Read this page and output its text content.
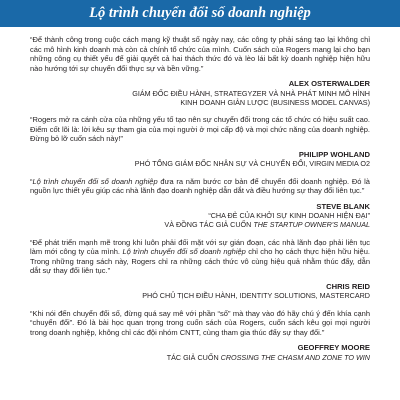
Lộ trình chuyển đổi số doanh nghiệp

“Để thành công trong cuộc cách mạng kỹ thuật số ngày nay, các công ty phải sáng tạo lại không chỉ các mô hình kinh doanh mà còn cả chính tổ chức của mình. Cuốn sách của Rogers mang lại cho bạn những công cụ thiết yếu để giải quyết cả hai thách thức đó và lèo lái bất kỳ doanh nghiệp hiện hữu nào hướng tới sự chuyển đổi thực sự và bền vững.”

ALEX OSTERWALDER

GIÁM ĐỐC ĐIỀU HÀNH, STRATEGYZER VÀ NHÀ PHÁT MINH MÔ HÌNH

KINH DOANH GIẢN LƯỢC (BUSINESS MODEL CANVAS)

“Rogers mở ra cánh cửa của những yếu tố tạo nên sự chuyển đổi trong các tổ chức có hiệu suất cao. Điểm cốt lõi là: lời kêu sự tham gia của mọi người ở mọi cấp độ và mọi chức năng của doanh nghiệp. Đừng bỏ lỡ cuốn sách này!”

PHILIPP WOHLAND

PHÓ TỔNG GIÁM ĐỐC NHÂN SỰ VÀ CHUYỂN ĐỔI, VIRGIN MEDIA O2

“Lộ trình chuyển đổi số doanh nghiệp đưa ra năm bước cơ bản để chuyển đổi doanh nghiệp. Đó là nguồn lực thiết yếu giúp các nhà lãnh đạo doanh nghiệp dẫn dắt và điều hướng sự thay đổi liên tục.”

STEVE BLANK

“CHA ĐẺ CỦA KHỞI SỰ KINH DOANH HIỆN ĐẠI”

VÀ ĐỒNG TÁC GIẢ CUỐN THE STARTUP OWNER'S MANUAL

“Để phát triển mạnh mẽ trong khi luôn phải đối mặt với sự gián đoạn, các nhà lãnh đạo phải liên tục làm mới công ty của mình. Lộ trình chuyển đổi số doanh nghiệp chỉ cho họ cách thực hiện hữu hiệu. Trong những trang sách này, Rogers chỉ ra những cách thức vô cùng hiệu quả nhằm thúc đẩy, dẫn dắt sự thay đổi liên tục.”

CHRIS REID

PHÓ CHỦ TỊCH ĐIỀU HÀNH, IDENTITY SOLUTIONS, MASTERCARD

“Khi nói đến chuyển đổi số, đừng quá say mê với phần “số” mà thay vào đó hãy chú ý đến khía cạnh “chuyển đổi”. Đó là bài học quan trọng trong cuốn sách của Rogers, cuốn sách kêu gọi mọi người trong doanh nghiệp, không chỉ các đội nhóm CNTT, cùng tham gia thúc đẩy sự thay đổi.”

GEOFFREY MOORE

TÁC GIẢ CUỐN CROSSING THE CHASM AND ZONE TO WIN
